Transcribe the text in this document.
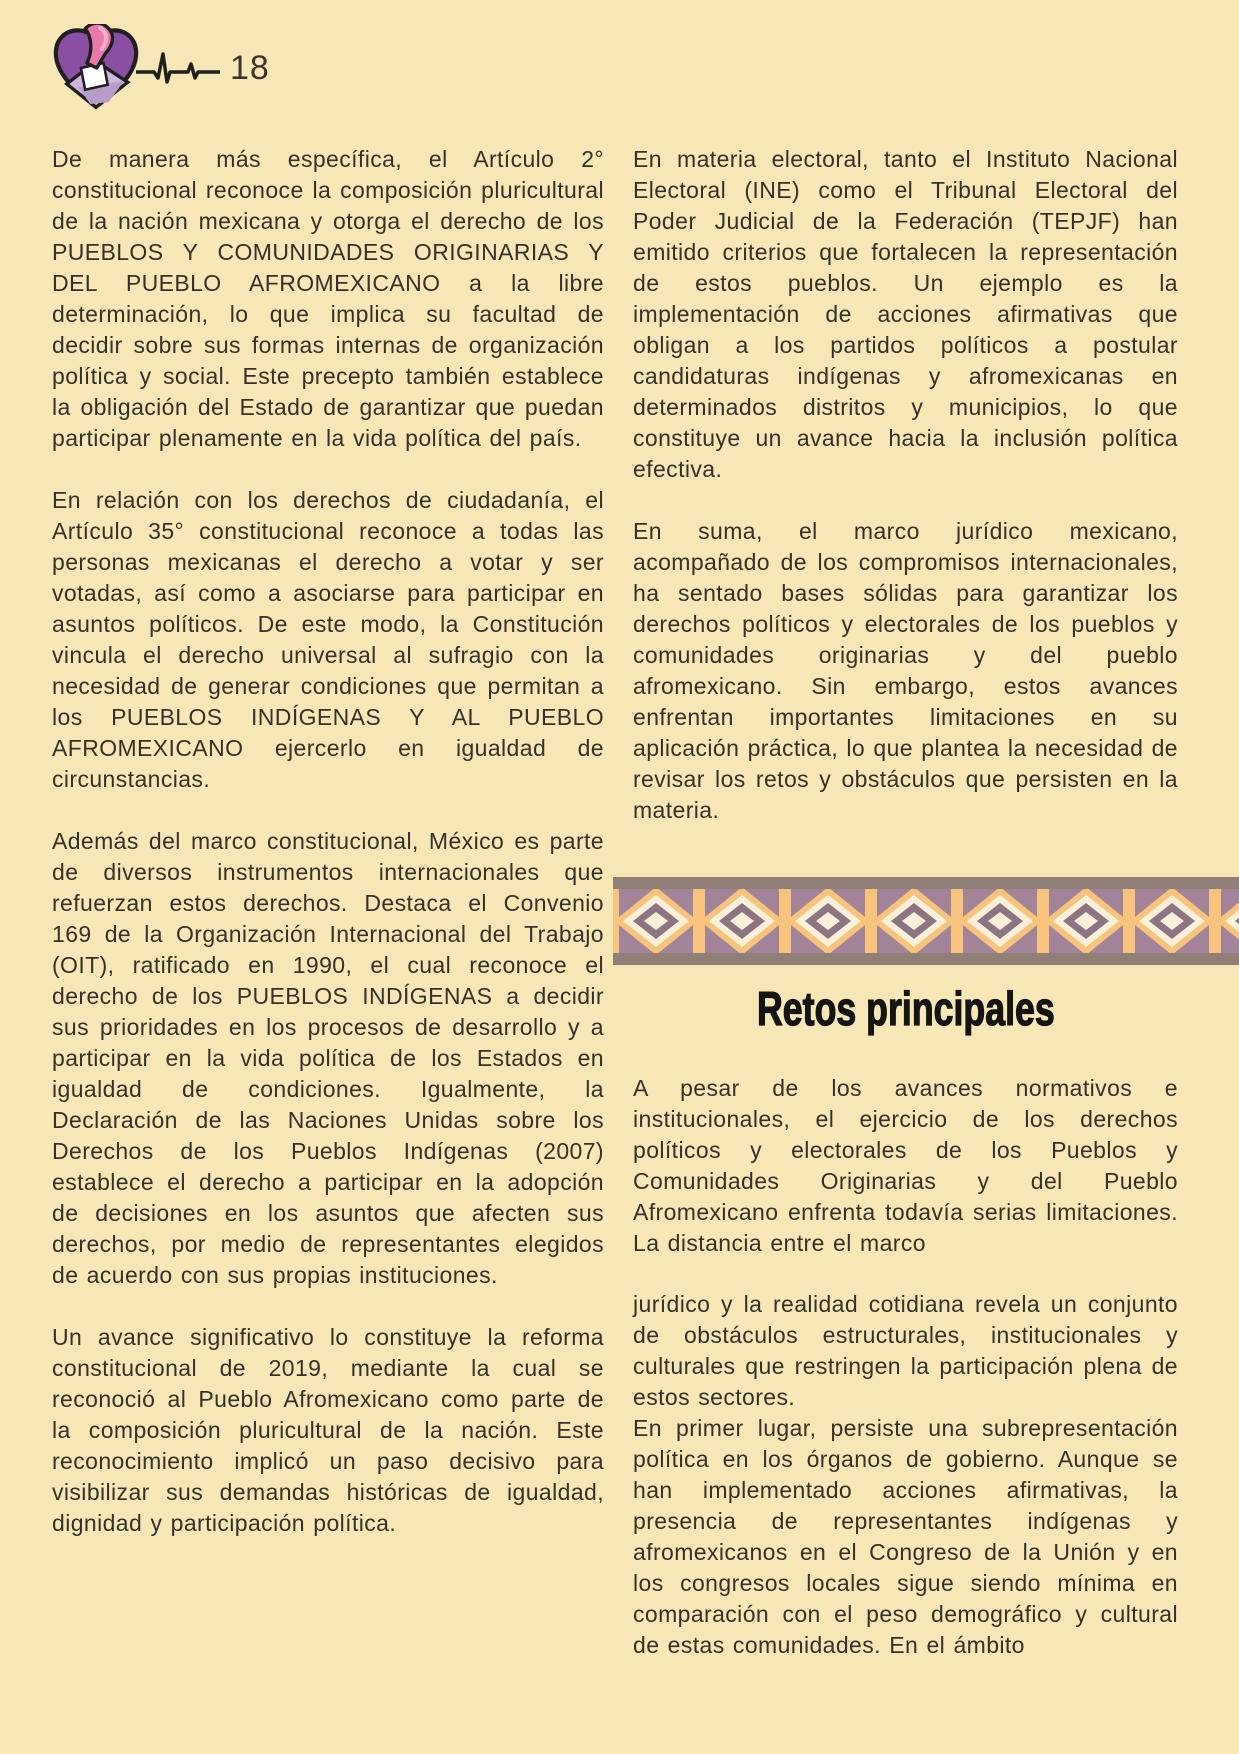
18

De manera más específica, el Artículo 2° constitucional reconoce la composición pluricultural de la nación mexicana y otorga el derecho de los PUEBLOS Y COMUNIDADES ORIGINARIAS Y DEL PUEBLO AFROMEXICANO a la libre determinación, lo que implica su facultad de decidir sobre sus formas internas de organización política y social. Este precepto también establece la obligación del Estado de garantizar que puedan participar plenamente en la vida política del país.

En relación con los derechos de ciudadanía, el Artículo 35° constitucional reconoce a todas las personas mexicanas el derecho a votar y ser votadas, así como a asociarse para participar en asuntos políticos. De este modo, la Constitución vincula el derecho universal al sufragio con la necesidad de generar condiciones que permitan a los PUEBLOS INDÍGENAS Y AL PUEBLO AFROMEXICANO ejercerlo en igualdad de circunstancias.

Además del marco constitucional, México es parte de diversos instrumentos internacionales que refuerzan estos derechos. Destaca el Convenio 169 de la Organización Internacional del Trabajo (OIT), ratificado en 1990, el cual reconoce el derecho de los PUEBLOS INDÍGENAS a decidir sus prioridades en los procesos de desarrollo y a participar en la vida política de los Estados en igualdad de condiciones. Igualmente, la Declaración de las Naciones Unidas sobre los Derechos de los Pueblos Indígenas (2007) establece el derecho a participar en la adopción de decisiones en los asuntos que afecten sus derechos, por medio de representantes elegidos de acuerdo con sus propias instituciones.

Un avance significativo lo constituye la reforma constitucional de 2019, mediante la cual se reconoció al Pueblo Afromexicano como parte de la composición pluricultural de la nación. Este reconocimiento implicó un paso decisivo para visibilizar sus demandas históricas de igualdad, dignidad y participación política.

En materia electoral, tanto el Instituto Nacional Electoral (INE) como el Tribunal Electoral del Poder Judicial de la Federación (TEPJF) han emitido criterios que fortalecen la representación de estos pueblos. Un ejemplo es la implementación de acciones afirmativas que obligan a los partidos políticos a postular candidaturas indígenas y afromexicanas en determinados distritos y municipios, lo que constituye un avance hacia la inclusión política efectiva.

En suma, el marco jurídico mexicano, acompañado de los compromisos internacionales, ha sentado bases sólidas para garantizar los derechos políticos y electorales de los pueblos y comunidades originarias y del pueblo afromexicano. Sin embargo, estos avances enfrentan importantes limitaciones en su aplicación práctica, lo que plantea la necesidad de revisar los retos y obstáculos que persisten en la materia.

Retos principales

A pesar de los avances normativos e institucionales, el ejercicio de los derechos políticos y electorales de los Pueblos y Comunidades Originarias y del Pueblo Afromexicano enfrenta todavía serias limitaciones. La distancia entre el marco

jurídico y la realidad cotidiana revela un conjunto de obstáculos estructurales, institucionales y culturales que restringen la participación plena de estos sectores.

En primer lugar, persiste una subrepresentación política en los órganos de gobierno. Aunque se han implementado acciones afirmativas, la presencia de representantes indígenas y afromexicanos en el Congreso de la Unión y en los congresos locales sigue siendo mínima en comparación con el peso demográfico y cultural de estas comunidades. En el ámbito
